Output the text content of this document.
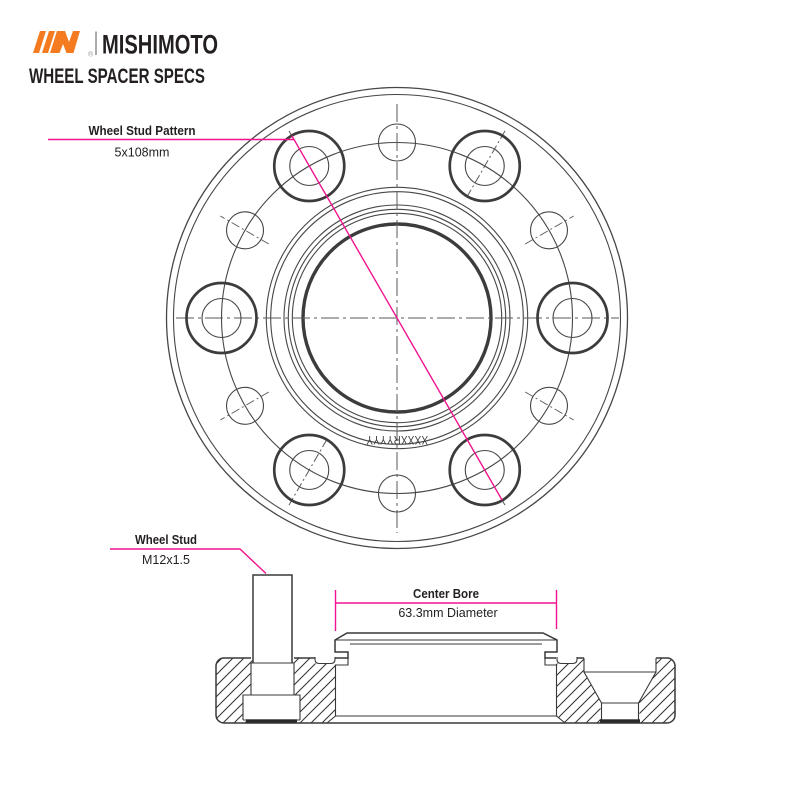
® MISHIMOTO
WHEEL SPACER SPECS
XXXXRYYYY
Wheel Stud Pattern
5x108mm
Wheel Stud
M12x1.5
Center Bore
63.3mm Diameter
